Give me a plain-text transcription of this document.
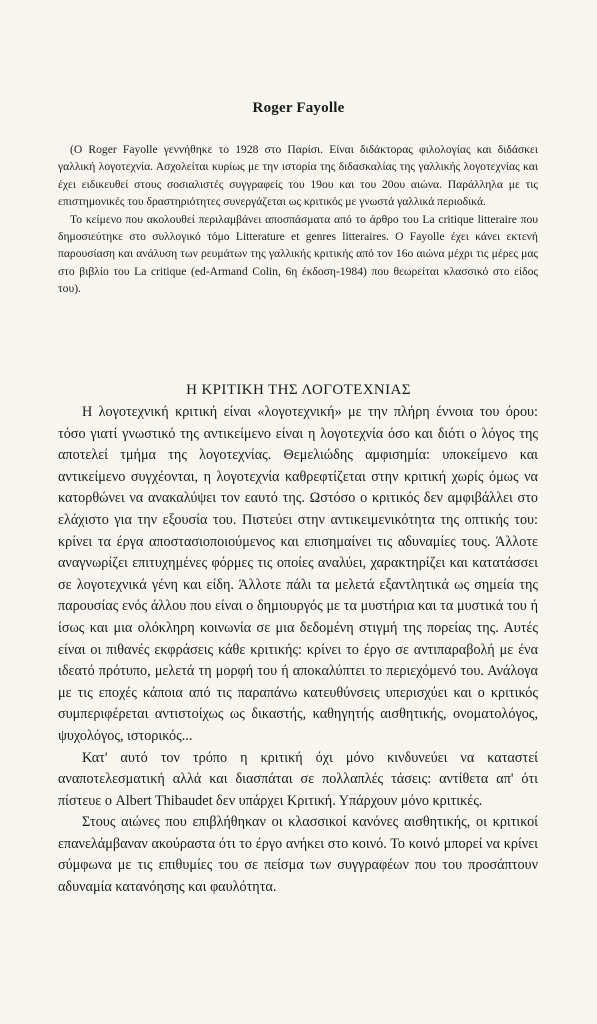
Roger Fayolle

(Ο Roger Fayolle γεννήθηκε το 1928 στο Παρίσι. Είναι διδάκτορας φιλολογίας και διδάσκει γαλλική λογοτεχνία. Ασχολείται κυρίως με την ιστορία της διδασκαλίας της γαλλικής λογοτεχνίας και έχει ειδικευθεί στους σοσιαλιστές συγγραφείς του 19ου και του 20ου αιώνα. Παράλληλα με τις επιστημονικές του δραστηριότητες συνεργάζεται ως κριτικός με γνωστά γαλλικά περιοδικά.

Το κείμενο που ακολουθεί περιλαμβάνει αποσπάσματα από το άρθρο του La critique litteraire που δημοσιεύτηκε στο συλλογικό τόμο Litterature et genres litteraires. Ο Fayolle έχει κάνει εκτενή παρουσίαση και ανάλυση των ρευμάτων της γαλλικής κριτικής από τον 16ο αιώνα μέχρι τις μέρες μας στο βιβλίο του La critique (ed-Armand Colin, 6η έκδοση-1984) που θεωρείται κλασσικό στο είδος του).

Η ΚΡΙΤΙΚΗ ΤΗΣ ΛΟΓΟΤΕΧΝΙΑΣ

Η λογοτεχνική κριτική είναι «λογοτεχνική» με την πλήρη έννοια του όρου: τόσο γιατί γνωστικό της αντικείμενο είναι η λογοτεχνία όσο και διότι ο λόγος της αποτελεί τμήμα της λογοτεχνίας. Θεμελιώδης αμφισημία: υποκείμενο και αντικείμενο συγχέονται, η λογοτεχνία καθρεφτίζεται στην κριτική χωρίς όμως να κατορθώνει να ανακαλύψει τον εαυτό της. Ωστόσο ο κριτικός δεν αμφιβάλλει στο ελάχιστο για την εξουσία του. Πιστεύει στην αντικειμενικότητα της οπτικής του: κρίνει τα έργα αποστασιοποιούμενος και επισημαίνει τις αδυναμίες τους. Άλλοτε αναγνωρίζει επιτυχημένες φόρμες τις οποίες αναλύει, χαρακτηρίζει και κατατάσσει σε λογοτεχνικά γένη και είδη. Άλλοτε πάλι τα μελετά εξαντλητικά ως σημεία της παρουσίας ενός άλλου που είναι ο δημιουργός με τα μυστήρια και τα μυστικά του ή ίσως και μια ολόκληρη κοινωνία σε μια δεδομένη στιγμή της πορείας της. Αυτές είναι οι πιθανές εκφράσεις κάθε κριτικής: κρίνει το έργο σε αντιπαραβολή με ένα ιδεατό πρότυπο, μελετά τη μορφή του ή αποκαλύπτει το περιεχόμενό του. Ανάλογα με τις εποχές κάποια από τις παραπάνω κατευθύνσεις υπερισχύει και ο κριτικός συμπεριφέρεται αντιστοίχως ως δικαστής, καθηγητής αισθητικής, ονοματολόγος, ψυχολόγος, ιστορικός...

Κατ' αυτό τον τρόπο η κριτική όχι μόνο κινδυνεύει να καταστεί αναποτελεσματική αλλά και διασπάται σε πολλαπλές τάσεις: αντίθετα απ' ότι πίστευε ο Albert Thibaudet δεν υπάρχει Κριτική. Υπάρχουν μόνο κριτικές.

Στους αιώνες που επιβλήθηκαν οι κλασσικοί κανόνες αισθητικής, οι κριτικοί επανελάμβαναν ακούραστα ότι το έργο ανήκει στο κοινό. Το κοινό μπορεί να κρίνει σύμφωνα με τις επιθυμίες του σε πείσμα των συγγραφέων που του προσάπτουν αδυναμία κατανόησης και φαυλότητα.
